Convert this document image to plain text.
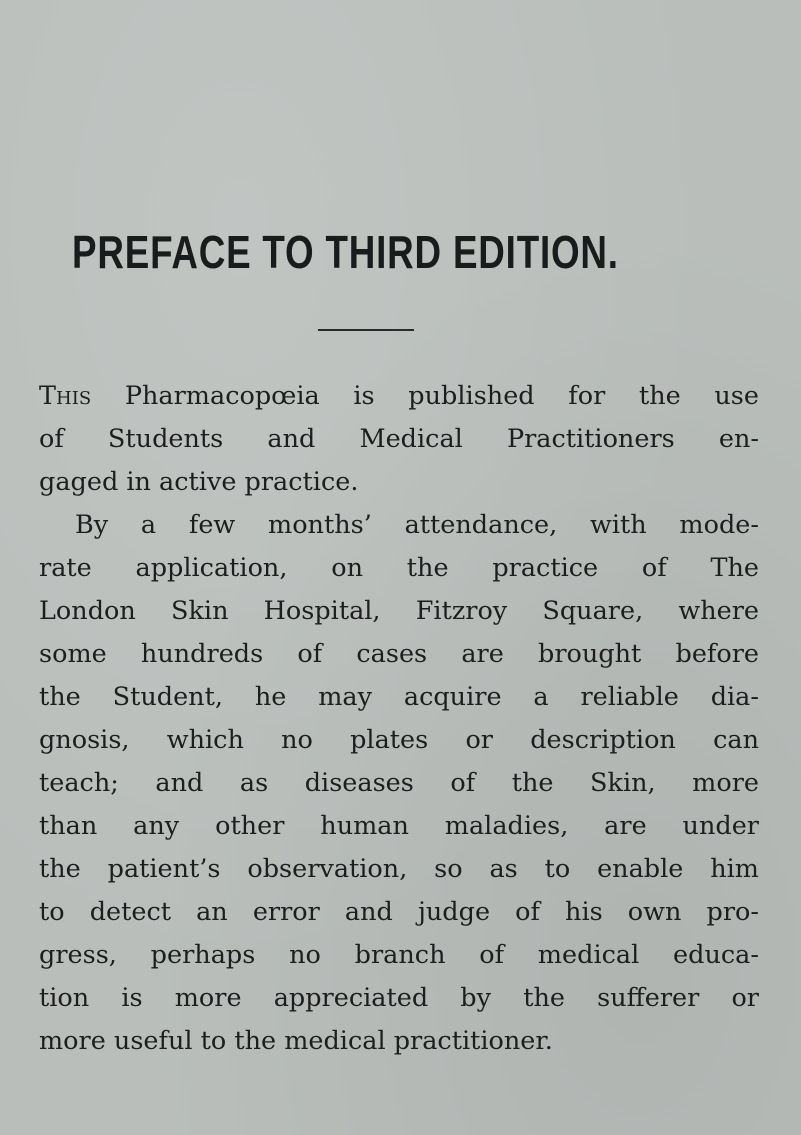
PREFACE TO THIRD EDITION.
This Pharmacopœia is published for the use
of Students and Medical Practitioners en-
gaged in active practice.
By a few months’ attendance, with mode-
rate application, on the practice of The
London Skin Hospital, Fitzroy Square, where
some hundreds of cases are brought before
the Student, he may acquire a reliable dia-
gnosis, which no plates or description can
teach; and as diseases of the Skin, more
than any other human maladies, are under
the patient’s observation, so as to enable him
to detect an error and judge of his own pro-
gress, perhaps no branch of medical educa-
tion is more appreciated by the sufferer or
more useful to the medical practitioner.
